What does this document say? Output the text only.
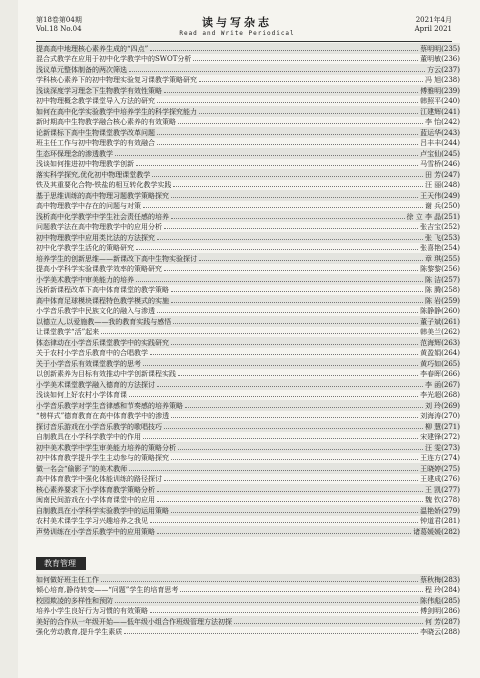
第18卷第04期
Vol.18 No.04	读与写杂志
Read and Write Periodical
2021年4月
April 2021
提高高中地理核心素养生成的“四点”	蔡明明(235)
混合式教学在应用于初中化学教学中的SWOT分析	董明敏(236)
浅议单元整体制备的两次筛选	方云(237)
学科核心素养下的初中物理实验复习课教学策略研究	冯 旭(238)
浅谈深度学习理念下生物教学有效性策略	傅雅明(239)
初中物理概念教学课堂导入方法的研究	韩照平(240)
如何在高中化学实验教学中培养学生的科学探究能力	江建辉(241)
新时期高中生物教学融合核心素养的有效策略	李 怡(242)
论新课标下高中生物课堂教学改革问题	蓝运华(243)
班主任工作与初中物理教学的有效融合	吕丰丰(244)
生态环保理念的渗透教学	卢宝仙(245)
浅谈如何推进初中物理教学创新	马雪桥(246)
落实科学探究,优化初中物理课堂教学	田 芳(247)
铁及其重要化合物-铁盐的相互转化教学实践	汪 丽(248)
基于思维训练的高中物理习题教学策略探究	王天伟(249)
高中物理教学中存在的问题与对策	谢 兵(250)
浅析高中化学教学中学生社会责任感的培养	徐 立 李 晶(251)
问题教学法在高中物理教学中的应用分析	张吉宝(252)
初中物理教学中应用类比法的方法探究	张 飞(253)
初中化学教学生活化的策略研究	张喜艳(254)
培养学生的创新思维——新课改下高中生物实验探讨	章 琪(255)
提高小学科学实验课教学效率的策略研究	陈黎黎(256)
小学美术教学中审美能力的培养	陈 洁(257)
浅析新课程改革下高中体育课堂的教学策略	陈 腾(258)
高中体育足球模块课程特色教学模式的实施	陈 岩(259)
小学音乐教学中民族文化的融入与渗透	陈静静(260)
以德立人,以爱施教——我的教育实践与感悟	董子斌(261)
让课堂教学“活”起来	韩美兰(262)
体态律动在小学音乐课堂教学中的实践研究	范海辉(263)
关于农村小学音乐教育中的合唱教学	黄盈娟(264)
关于小学音乐有效课堂教学的思考	黄巧如(265)
以创新素养为目标有效推动中学创新课程实践	李春晖(266)
小学美术课堂教学融入德育的方法探讨	李 函(267)
浅谈如何上好农村小学体育课	李光超(268)
小学音乐教学对学生音律感和节奏感的培养策略	刘 玲(269)
“榜样式”德育教育在高中体育教学中的渗透	刘海涛(270)
探讨音乐游戏在小学音乐教学的歌唱技巧	柳 慧(271)
自制教具在小学科学教学中的作用	宋建锋(272)
初中美术教学中学生审美能力培养的策略分析	汪 雯(273)
初中体育教学提升学生主动参与的策略探究	王连方(274)
做一名会“偷影子”的美术教师	王晓婷(275)
高中体育教学中强化体能训练的路径探讨	王建成(276)
核心素养要求下小学体育教学策略分析	王 凯(277)
闽南民间游戏在小学体育课堂中的应用	魏 钦(278)
自制教具在小学科学实验教学中的运用策略	温艳娇(279)
农村美术课学生学习兴趣培养之我见	钟道君(281)
声势训练在小学音乐教学中的应用策略	诸葛媛媛(282)
教育管理
如何做好班主任工作	蔡秋梅(283)
倾心培育,静待转变——“问题”学生的培育思考	程 玲(284)
校园欺凌的多样性和预防	陈伟彪(285)
培养小学生良好行为习惯的有效策略	傅剑明(286)
美好的合作从一年级开始——低年级小组合作班级管理方法初探	何 芳(287)
强化劳动教育,提升学生素质	李晓云(288)
